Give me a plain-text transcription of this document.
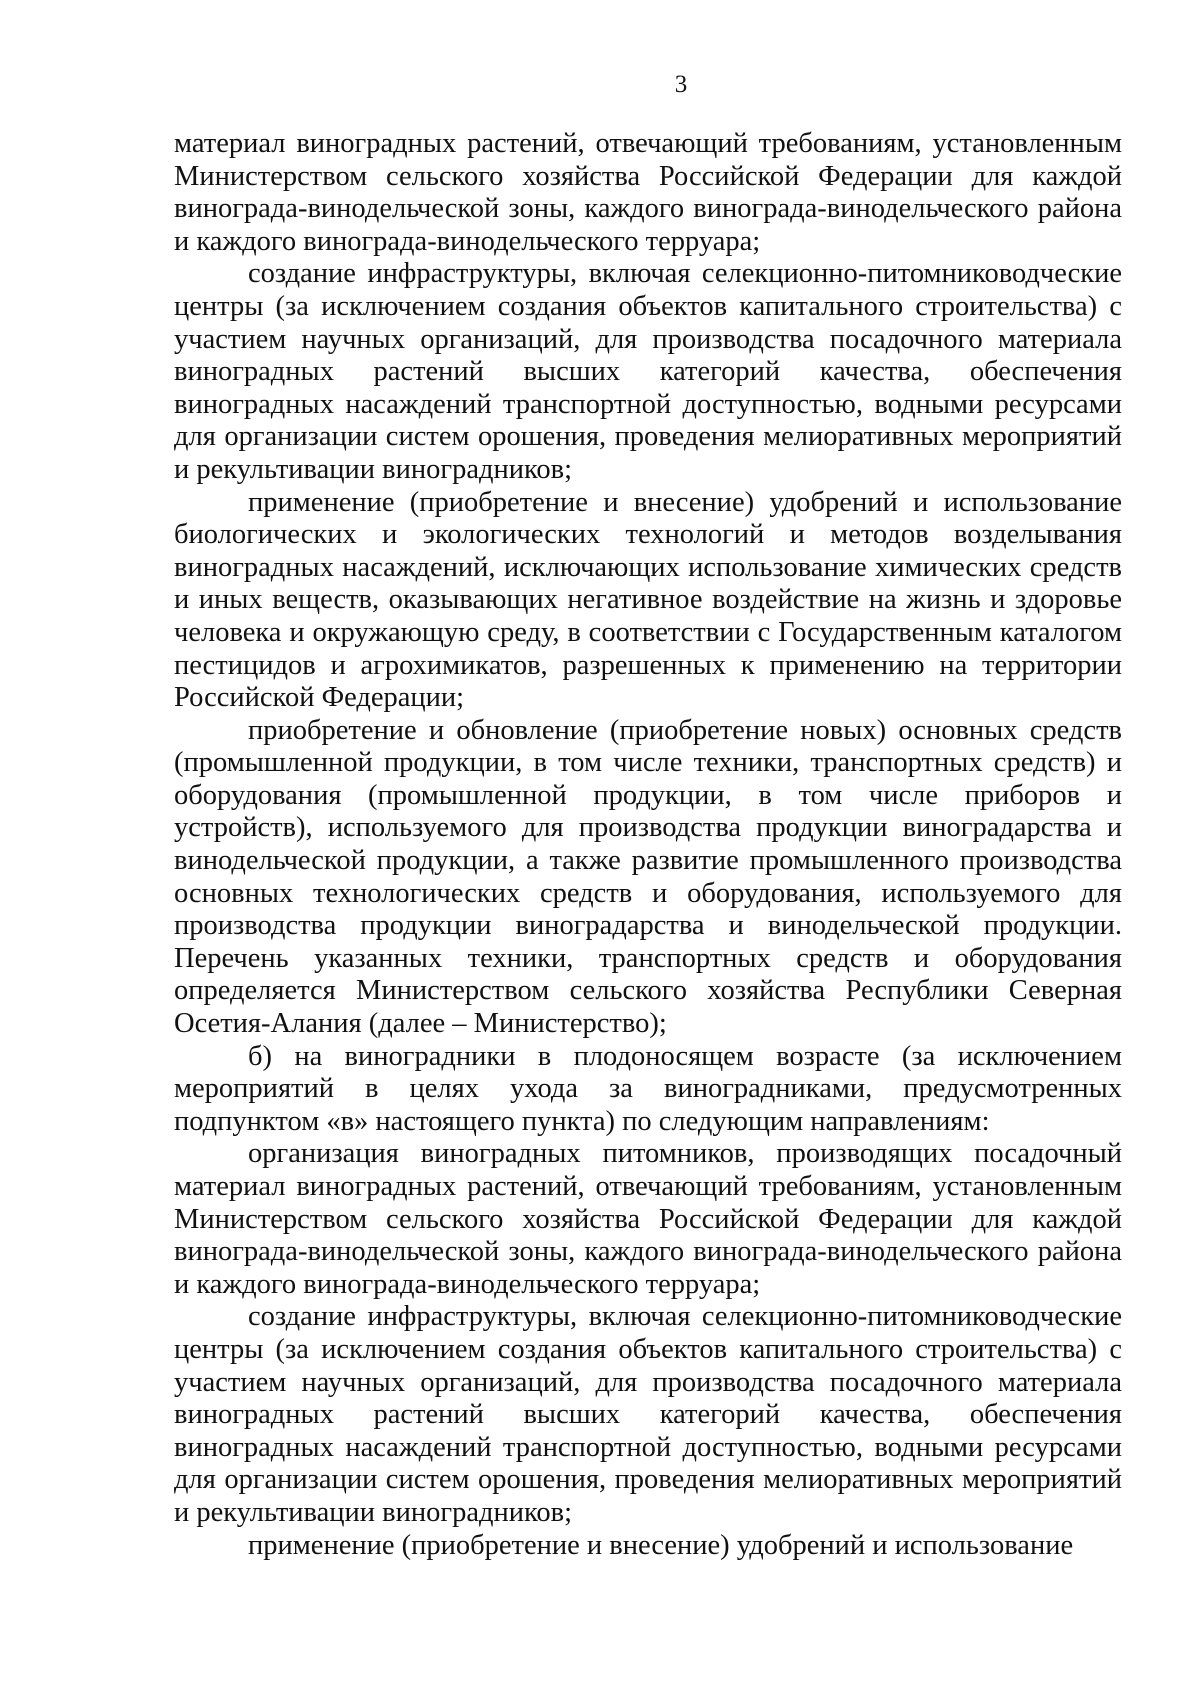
3

материал виноградных растений, отвечающий требованиям, установленным Министерством сельского хозяйства Российской Федерации для каждой винограда-винодельческой зоны, каждого винограда-винодельческого района и каждого винограда-винодельческого терруара;

создание инфраструктуры, включая селекционно-питомниководческие центры (за исключением создания объектов капитального строительства) с участием научных организаций, для производства посадочного материала виноградных растений высших категорий качества, обеспечения виноградных насаждений транспортной доступностью, водными ресурсами для организации систем орошения, проведения мелиоративных мероприятий и рекультивации виноградников;

применение (приобретение и внесение) удобрений и использование биологических и экологических технологий и методов возделывания виноградных насаждений, исключающих использование химических средств и иных веществ, оказывающих негативное воздействие на жизнь и здоровье человека и окружающую среду, в соответствии с Государственным каталогом пестицидов и агрохимикатов, разрешенных к применению на территории Российской Федерации;

приобретение и обновление (приобретение новых) основных средств (промышленной продукции, в том числе техники, транспортных средств) и оборудования (промышленной продукции, в том числе приборов и устройств), используемого для производства продукции виноградарства и винодельческой продукции, а также развитие промышленного производства основных технологических средств и оборудования, используемого для производства продукции виноградарства и винодельческой продукции. Перечень указанных техники, транспортных средств и оборудования определяется Министерством сельского хозяйства Республики Северная Осетия-Алания (далее – Министерство);

б) на виноградники в плодоносящем возрасте (за исключением мероприятий в целях ухода за виноградниками, предусмотренных подпунктом «в» настоящего пункта) по следующим направлениям:

организация виноградных питомников, производящих посадочный материал виноградных растений, отвечающий требованиям, установленным Министерством сельского хозяйства Российской Федерации для каждой винограда-винодельческой зоны, каждого винограда-винодельческого района и каждого винограда-винодельческого терруара;

создание инфраструктуры, включая селекционно-питомниководческие центры (за исключением создания объектов капитального строительства) с участием научных организаций, для производства посадочного материала виноградных растений высших категорий качества, обеспечения виноградных насаждений транспортной доступностью, водными ресурсами для организации систем орошения, проведения мелиоративных мероприятий и рекультивации виноградников;

применение (приобретение и внесение) удобрений и использование
